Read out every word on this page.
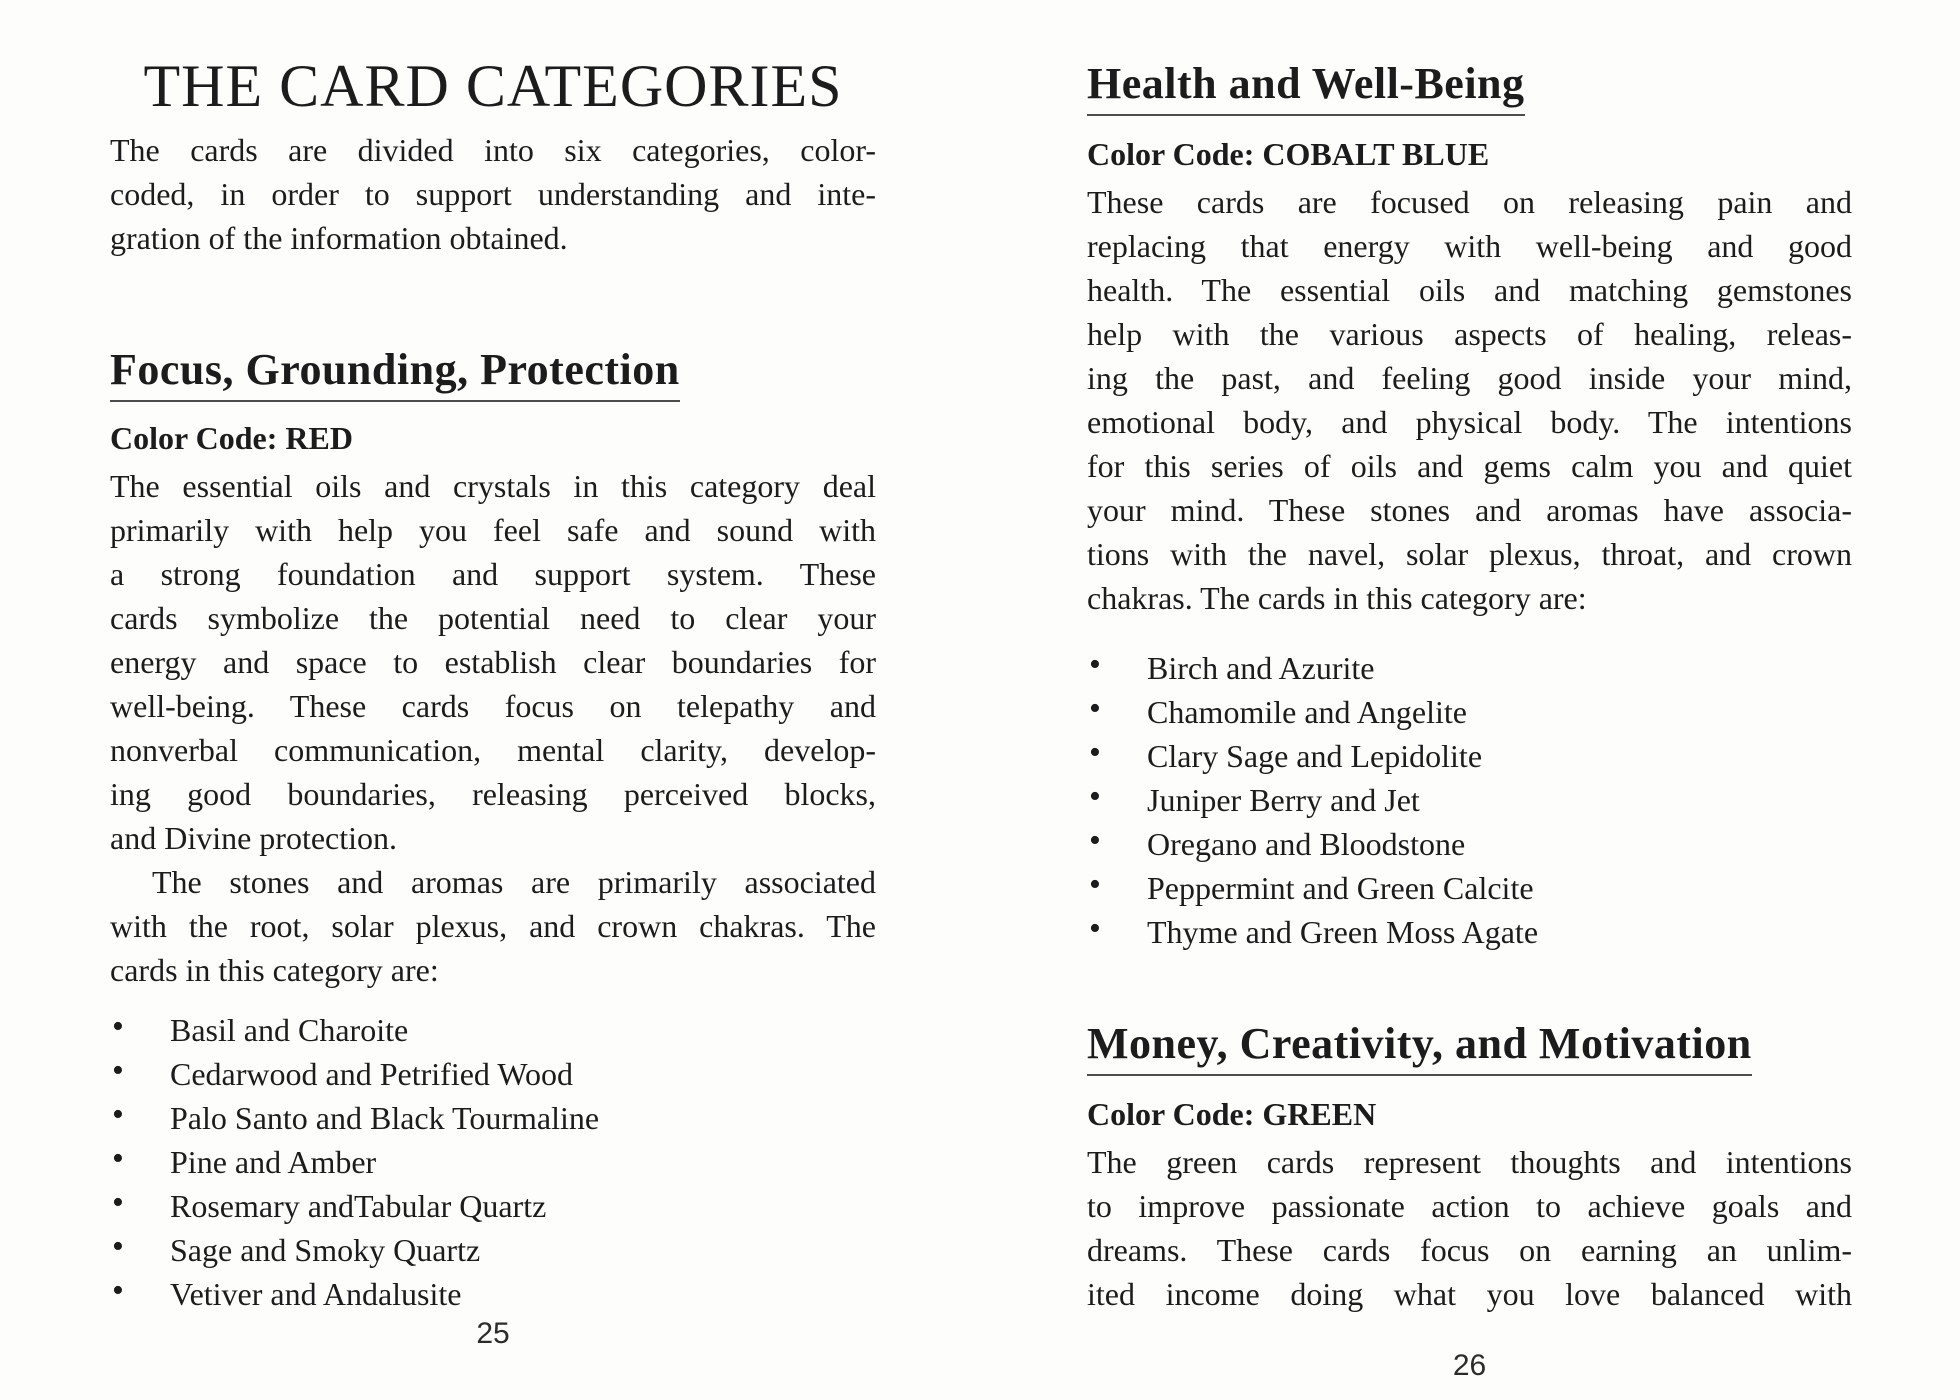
THE CARD CATEGORIES
The cards are divided into six categories, color-
coded, in order to support understanding and inte-
gration of the information obtained.
Focus, Grounding, Protection
Color Code: RED
The essential oils and crystals in this category deal
primarily with help you feel safe and sound with
a strong foundation and support system. These
cards symbolize the potential need to clear your
energy and space to establish clear boundaries for
well-being. These cards focus on telepathy and
nonverbal communication, mental clarity, develop-
ing good boundaries, releasing perceived blocks,
and Divine protection.
The stones and aromas are primarily associated
with the root, solar plexus, and crown chakras. The
cards in this category are:
• Basil and Charoite
• Cedarwood and Petrified Wood
• Palo Santo and Black Tourmaline
• Pine and Amber
• Rosemary andTabular Quartz
• Sage and Smoky Quartz
• Vetiver and Andalusite
25
Health and Well-Being
Color Code: COBALT BLUE
These cards are focused on releasing pain and
replacing that energy with well-being and good
health. The essential oils and matching gemstones
help with the various aspects of healing, releas-
ing the past, and feeling good inside your mind,
emotional body, and physical body. The intentions
for this series of oils and gems calm you and quiet
your mind. These stones and aromas have associa-
tions with the navel, solar plexus, throat, and crown
chakras. The cards in this category are:
• Birch and Azurite
• Chamomile and Angelite
• Clary Sage and Lepidolite
• Juniper Berry and Jet
• Oregano and Bloodstone
• Peppermint and Green Calcite
• Thyme and Green Moss Agate
Money, Creativity, and Motivation
Color Code: GREEN
The green cards represent thoughts and intentions
to improve passionate action to achieve goals and
dreams. These cards focus on earning an unlim-
ited income doing what you love balanced with
26
